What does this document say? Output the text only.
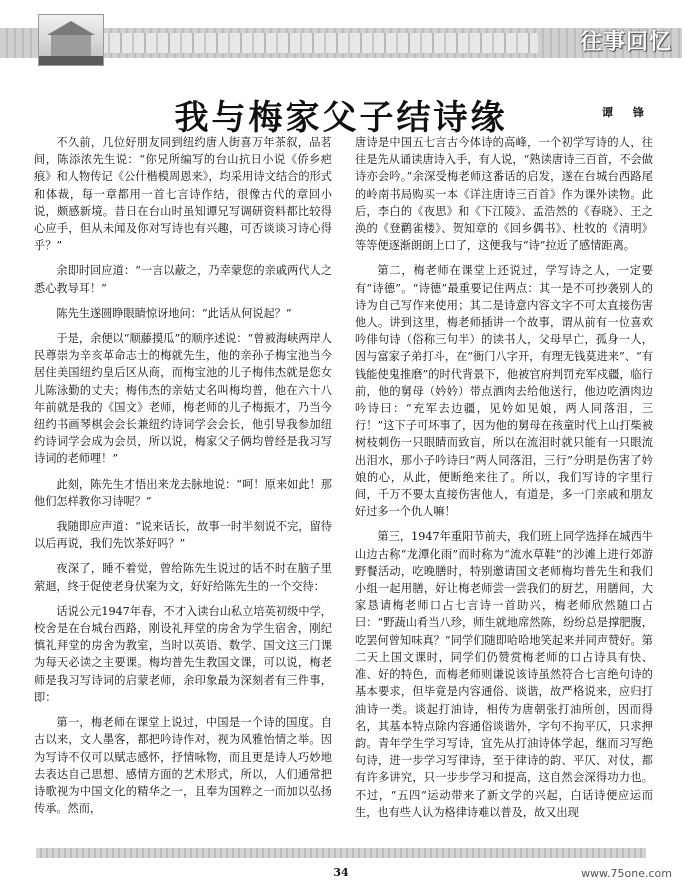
往事回忆
我与梅家父子结诗缘	谭 锋

不久前，几位好朋友同到纽约唐人街喜万年茶叙，品茗间，陈添浓先生说：“你兄所编写的台山抗日小说《侨乡疤痕》和人物传记《公什楷模周恩来》，均采用诗文结合的形式和体裁，每一章都用一首七言诗作结，很像古代的章回小说，颇感新境。昔日在台山时虽知谭兄写调研资料都比较得心应手，但从未闻及你对写诗也有兴趣，可否谈谈习诗心得乎？”

余即时回应道：“一言以蔽之，乃幸蒙您的亲戚两代人之悉心教导耳！”

陈先生遂圆睁眼睛惊讶地问：“此话从何说起？”

于是，余便以“顺藤摸瓜”的顺序述说：“曾被海峡两岸人民尊崇为辛亥革命志士的梅就先生，他的亲孙子梅宝池当今居住美国纽约皇后区从商，而梅宝池的儿子梅伟杰就是您女儿陈泳勤的丈夫；梅伟杰的亲姑丈名叫梅均普，他在六十八年前就是我的《国文》老师，梅老师的儿子梅振才，乃当今纽约书画琴棋会会长兼纽约诗词学会会长，他引导我参加纽约诗词学会成为会员，所以说，梅家父子俩均曾经是我习写诗词的老师哩！”

此刻，陈先生才悟出来龙去脉地说：“呵！原来如此！那他们怎样教你习诗呢？”

我随即应声道：“说来话长，故事一时半刻说不完，留待以后再说，我们先饮茶好吗？”

夜深了，睡不着觉，曾给陈先生说过的话不时在脑子里萦迴，终于促使老身伏案为文，好好给陈先生的一个交待：

话说公元1947年春，不才入读台山私立培英初级中学，校舍是在台城台西路，刚设礼拜堂的房舍为学生宿舍，刚纪慎礼拜堂的房舍为教室，当时以英语、数学、国文这三门课为每天必读之主要课。梅均普先生教国文课，可以说，梅老师是我习写诗词的启蒙老师，余印象最为深刻者有三件事，即：

第一，梅老师在课堂上说过，中国是一个诗的国度。自古以来，文人墨客，都把吟诗作对，视为风雅怡情之举。因为写诗不仅可以赋志感怀，抒情咏物，而且更是诗人巧妙地去表达自己思想、感情方面的艺术形式，所以，人们通常把诗歌视为中国文化的精华之一，且奉为国粹之一而加以弘扬传承。然而，

唐诗是中国五七言古今体诗的高峰，一个初学写诗的人，往往是先从诵读唐诗入手，有人说，“熟读唐诗三百首，不会做诗亦会吟。”余深受梅老师这番话的启发，遂在台城台西路尾的岭南书局购买一本《详注唐诗三百首》作为课外读物。此后，李白的《夜思》和《下江陵》、孟浩然的《春晓》、王之涣的《登鹳雀楼》、贺知章的《回乡偶书》、杜牧的《清明》等等便逐渐朗朗上口了，这便我与“诗”拉近了感情距离。

第二，梅老师在课堂上还说过，学写诗之人，一定要有“诗德”。“诗德”最重要记住两点：其一是不可抄袭别人的诗为自己写作来使用；其二是诗意内容文字不可太直接伤害他人。讲到这里，梅老师插讲一个故事，谓从前有一位喜欢吟俳句诗（俗称三句半）的读书人，父母早亡，孤身一人，因与富家子弟打斗，在“衙门八字开，有理无钱莫进来”、“有钱能使鬼推磨”的时代背景下，他被官府判罚充军戍疆，临行前，他的舅母（妗妗）带点酒肉去给他送行，他边吃酒肉边吟诗曰：“充军去边疆，见妗如见娘，两人同落泪，三行！”这下子可坏事了，因为他的舅母在孩童时代上山打柴被树枝刺伤一只眼睛而致盲，所以在流泪时就只能有一只眼流出泪水，那小子吟诗曰“两人同落泪，三行”分明是伤害了妗娘的心，从此，便断绝来往了。所以，我们写诗的字里行间，千万不要太直接伤害他人，有道是，多一门亲戚和朋友好过多一个仇人嘛！

第三，1947年重阳节前夫，我们班上同学选择在城西牛山边古称“龙潭化雨”而时称为“流水草鞋”的沙滩上进行郊游野餐活动，吃晚膳时，特别邀请国文老师梅均普先生和我们小组一起用膳，好让梅老师尝一尝我们的厨艺，用膳间，大家恳请梅老师口占七言诗一首助兴，梅老师欣然随口占曰：“野蔬山肴当八珍，师生就地席然陈，纷纷总是撑肥腹，吃罢何曾知味真？”同学们随即哈哈地笑起来并同声赞好。第二天上国文课时，同学们仍赞赏梅老师的口占诗具有快、准、好的特色，而梅老师则谦说该诗虽然符合七言绝句诗的基本要求，但毕竟是内容通俗、谈谐，故严格说来，应归打油诗一类。谈起打油诗，相传为唐朝张打油所创，因而得名，其基本特点除内容通俗谈谐外，字句不拘平仄，只求押韵。青年学生学习写诗，宜先从打油诗体学起，继而习写绝句诗，进一步学习写律诗，至于律诗的韵、平仄、对仗，都有许多讲究，只一步步学习和提高，这自然会深得功力也。不过，“五四”运动带来了新文学的兴起，白话诗便应运而生，也有些人认为格律诗难以普及，故又出现

34	www.75one.com
